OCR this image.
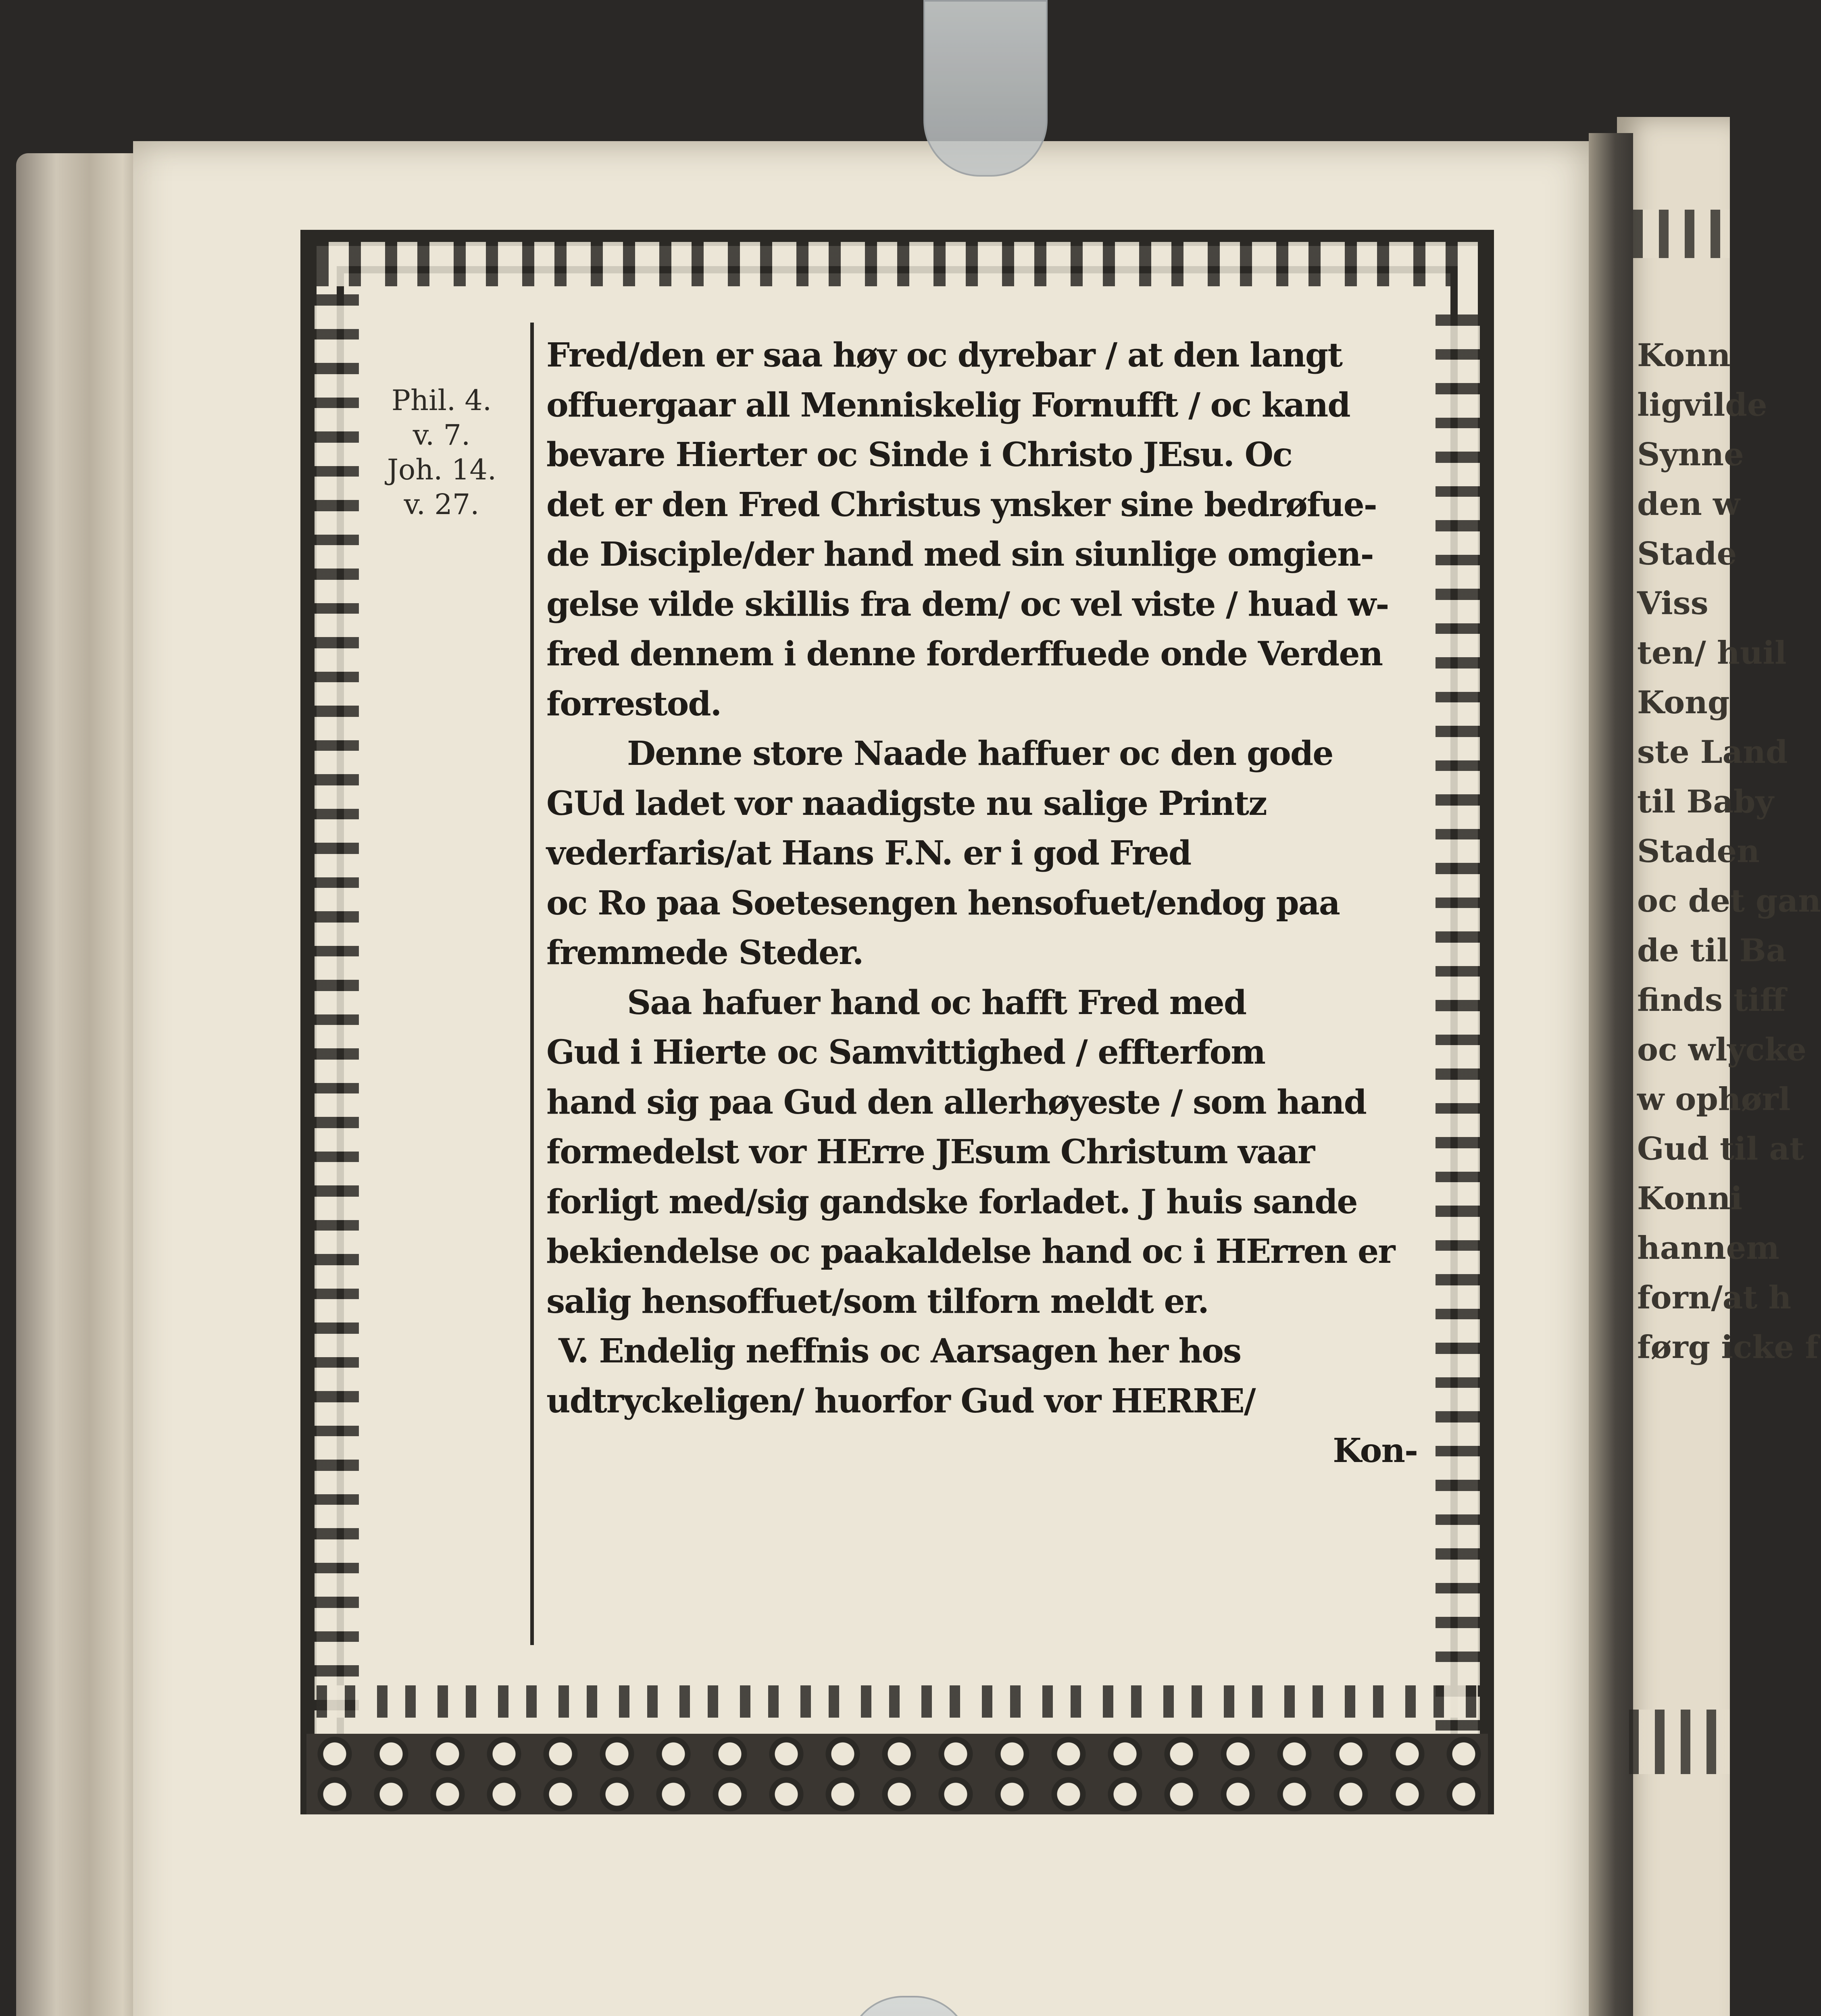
Phil. 4.
v. 7.
Joh. 14.
v. 27.
Fred/den er saa høy oc dyrebar / at den langt
offuergaar all Menniskelig Fornufft / oc kand
bevare Hierter oc Sinde i Christo JEsu. Oc
det er den Fred Christus ynsker sine bedrøfue-
de Disciple/der hand med sin siunlige omgien-
gelse vilde skillis fra dem/ oc vel viste / huad w-
fred dennem i denne forderffuede onde Verden
forrestod.
Denne store Naade haffuer oc den gode
GUd ladet vor naadigste nu salige Printz
vederfaris/at Hans F.N. er i god Fred
oc Ro paa Soetesengen hensofuet/endog paa
fremmede Steder.
Saa hafuer hand oc hafft Fred med
Gud i Hierte oc Samvittighed / effterfom
hand sig paa Gud den allerhøyeste / som hand
formedelst vor HErre JEsum Christum vaar
forligt med/sig gandske forladet. J huis sande
bekiendelse oc paakaldelse hand oc i HErren er
salig hensoffuet/som tilforn meldt er.
V. Endelig neffnis oc Aarsagen her hos
udtryckeligen/ huorfor Gud vor HERRE/
Kon-
Konn
ligvilde
Synne
den w
Stade
Viss
ten/ huil
Kong
ste Land
til Baby
Staden
oc det gan
de til Ba
finds tiff
oc wlycke
w ophørl
Gud til at
Konni
hannem
forn/at h
førg icke f
